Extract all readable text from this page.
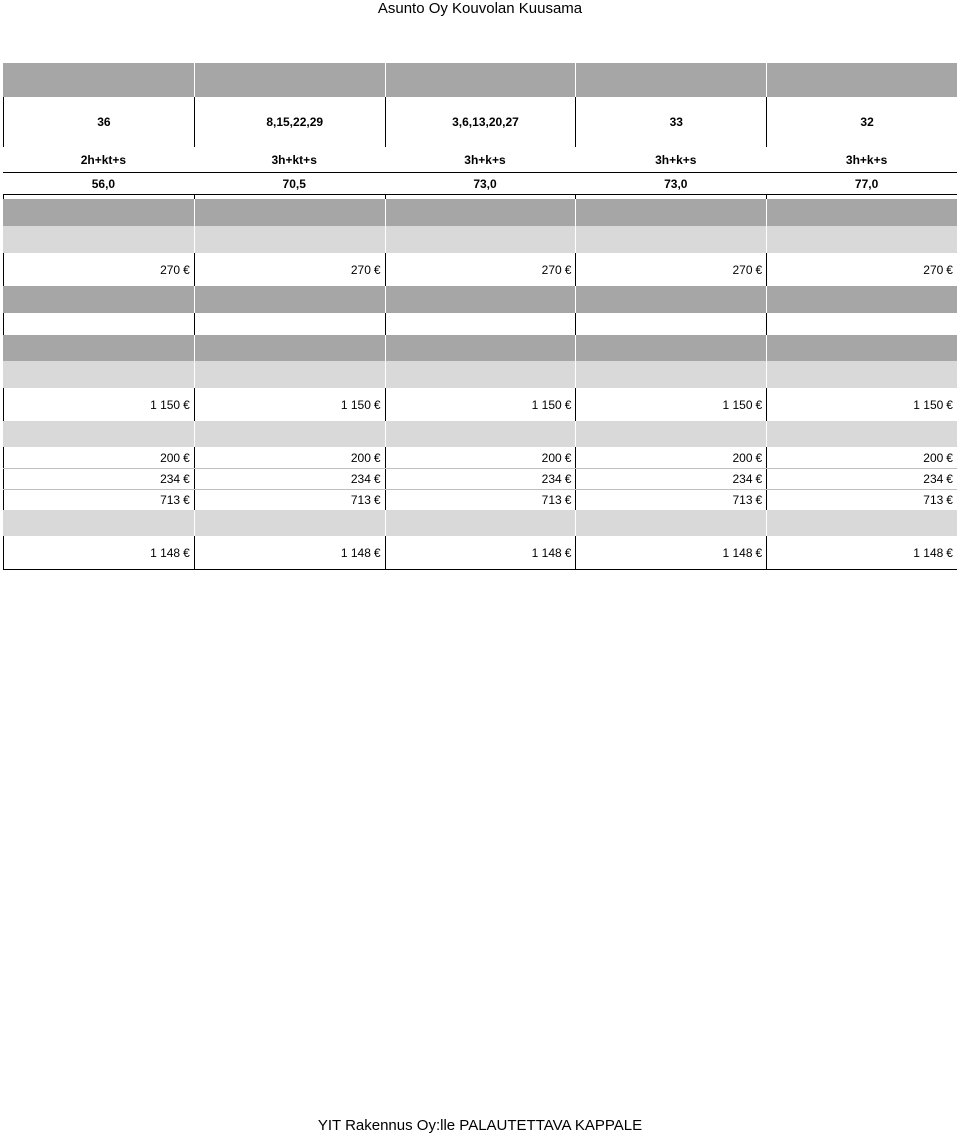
Asunto Oy Kouvolan Kuusama
36	8,15,22,29	3,6,13,20,27	33	32
2h+kt+s	3h+kt+s	3h+k+s	3h+k+s	3h+k+s
56,0	70,5	73,0	73,0	77,0
270 €	270 €	270 €	270 €	270 €
1 150 €	1 150 €	1 150 €	1 150 €	1 150 €
200 €	200 €	200 €	200 €	200 €
234 €	234 €	234 €	234 €	234 €
713 €	713 €	713 €	713 €	713 €
1 148 €	1 148 €	1 148 €	1 148 €	1 148 €
YIT Rakennus Oy:lle PALAUTETTAVA KAPPALE
